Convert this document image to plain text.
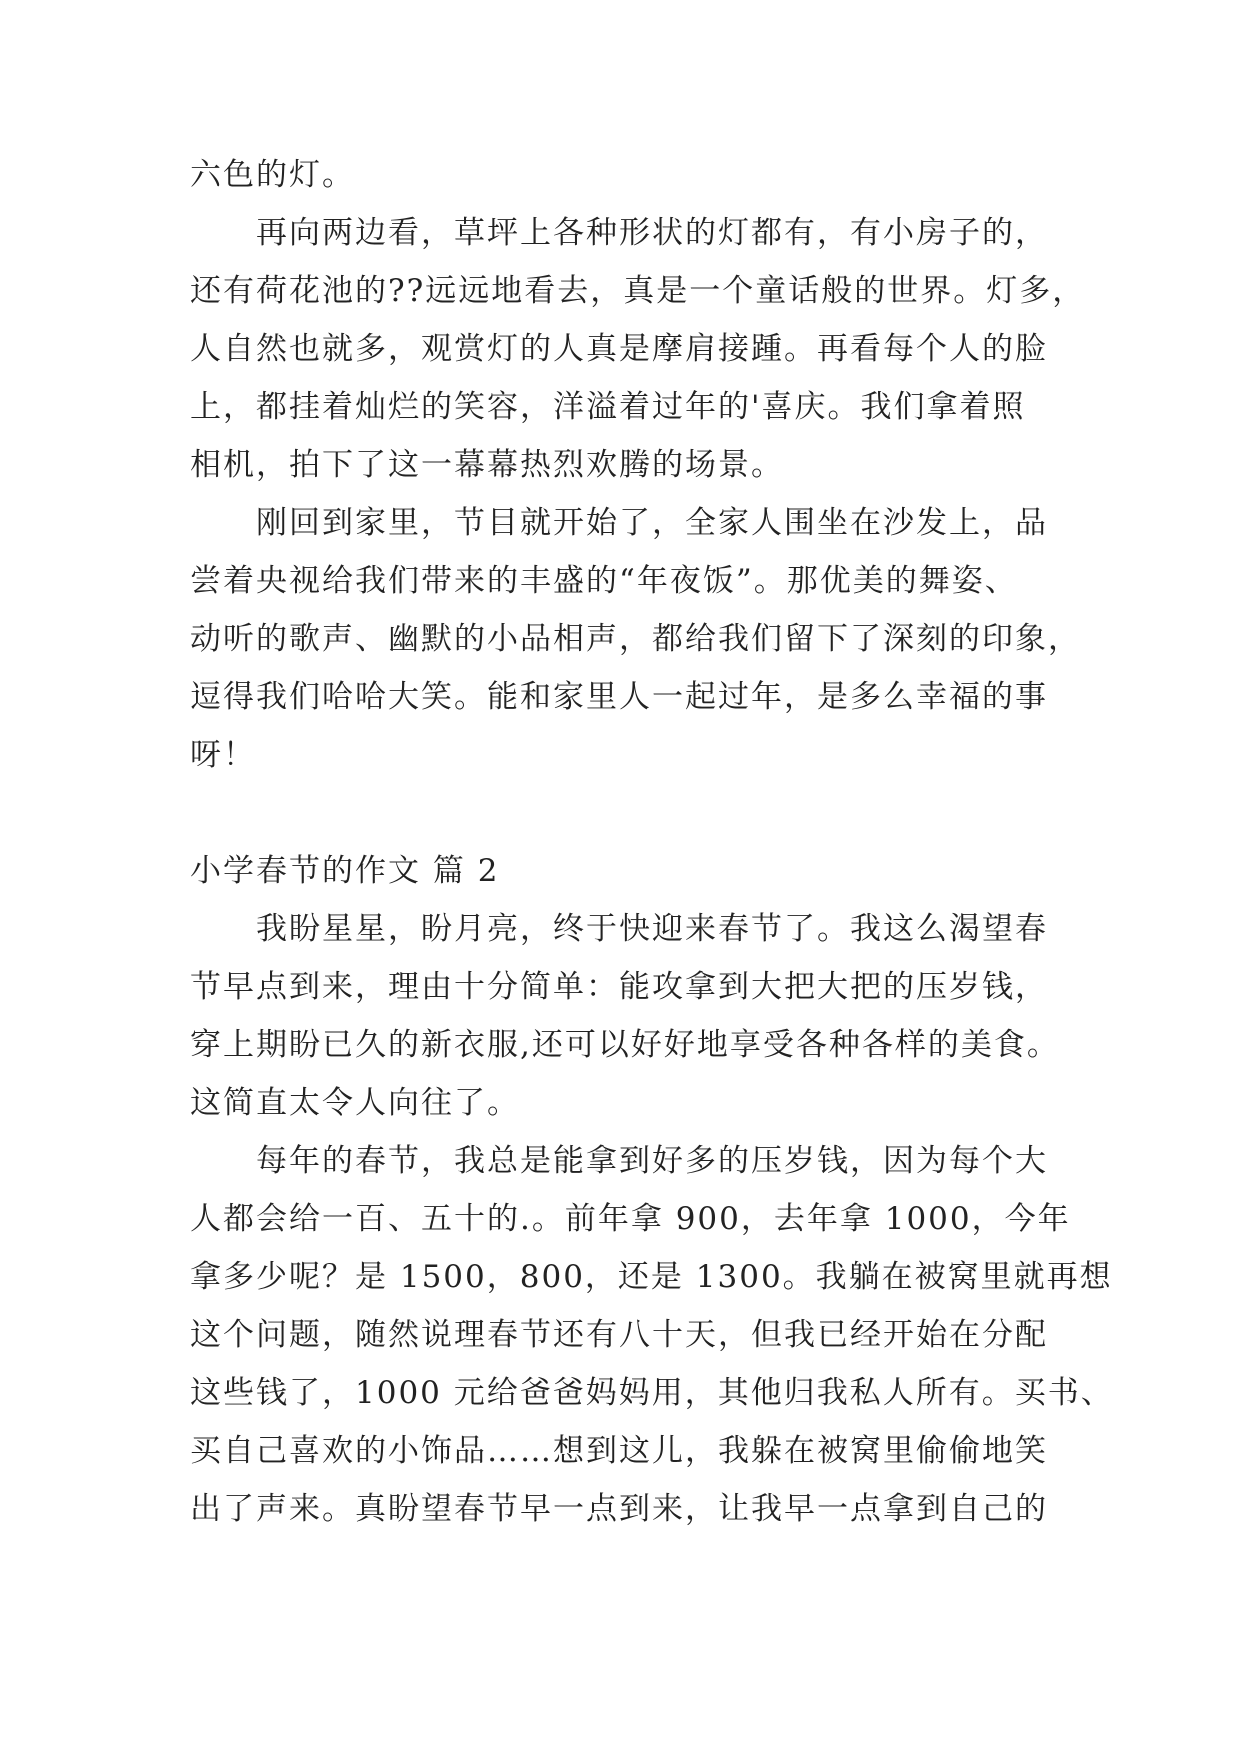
六色的灯。
再向两边看，草坪上各种形状的灯都有，有小房子的，
还有荷花池的??远远地看去，真是一个童话般的世界。灯多，
人自然也就多，观赏灯的人真是摩肩接踵。再看每个人的脸
上，都挂着灿烂的笑容，洋溢着过年的'喜庆。我们拿着照
相机，拍下了这一幕幕热烈欢腾的场景。
刚回到家里，节目就开始了，全家人围坐在沙发上，品
尝着央视给我们带来的丰盛的“年夜饭”。那优美的舞姿、
动听的歌声、幽默的小品相声，都给我们留下了深刻的印象，
逗得我们哈哈大笑。能和家里人一起过年，是多么幸福的事
呀！
小学春节的作文 篇 2
我盼星星，盼月亮，终于快迎来春节了。我这么渴望春
节早点到来，理由十分简单：能攻拿到大把大把的压岁钱，
穿上期盼已久的新衣服,还可以好好地享受各种各样的美食。
这简直太令人向往了。
每年的春节，我总是能拿到好多的压岁钱，因为每个大
人都会给一百、五十的.。前年拿 900，去年拿 1000，今年
拿多少呢？是 1500，800，还是 1300。我躺在被窝里就再想
这个问题，随然说理春节还有八十天，但我已经开始在分配
这些钱了，1000 元给爸爸妈妈用，其他归我私人所有。买书、
买自己喜欢的小饰品……想到这儿，我躲在被窝里偷偷地笑
出了声来。真盼望春节早一点到来，让我早一点拿到自己的
